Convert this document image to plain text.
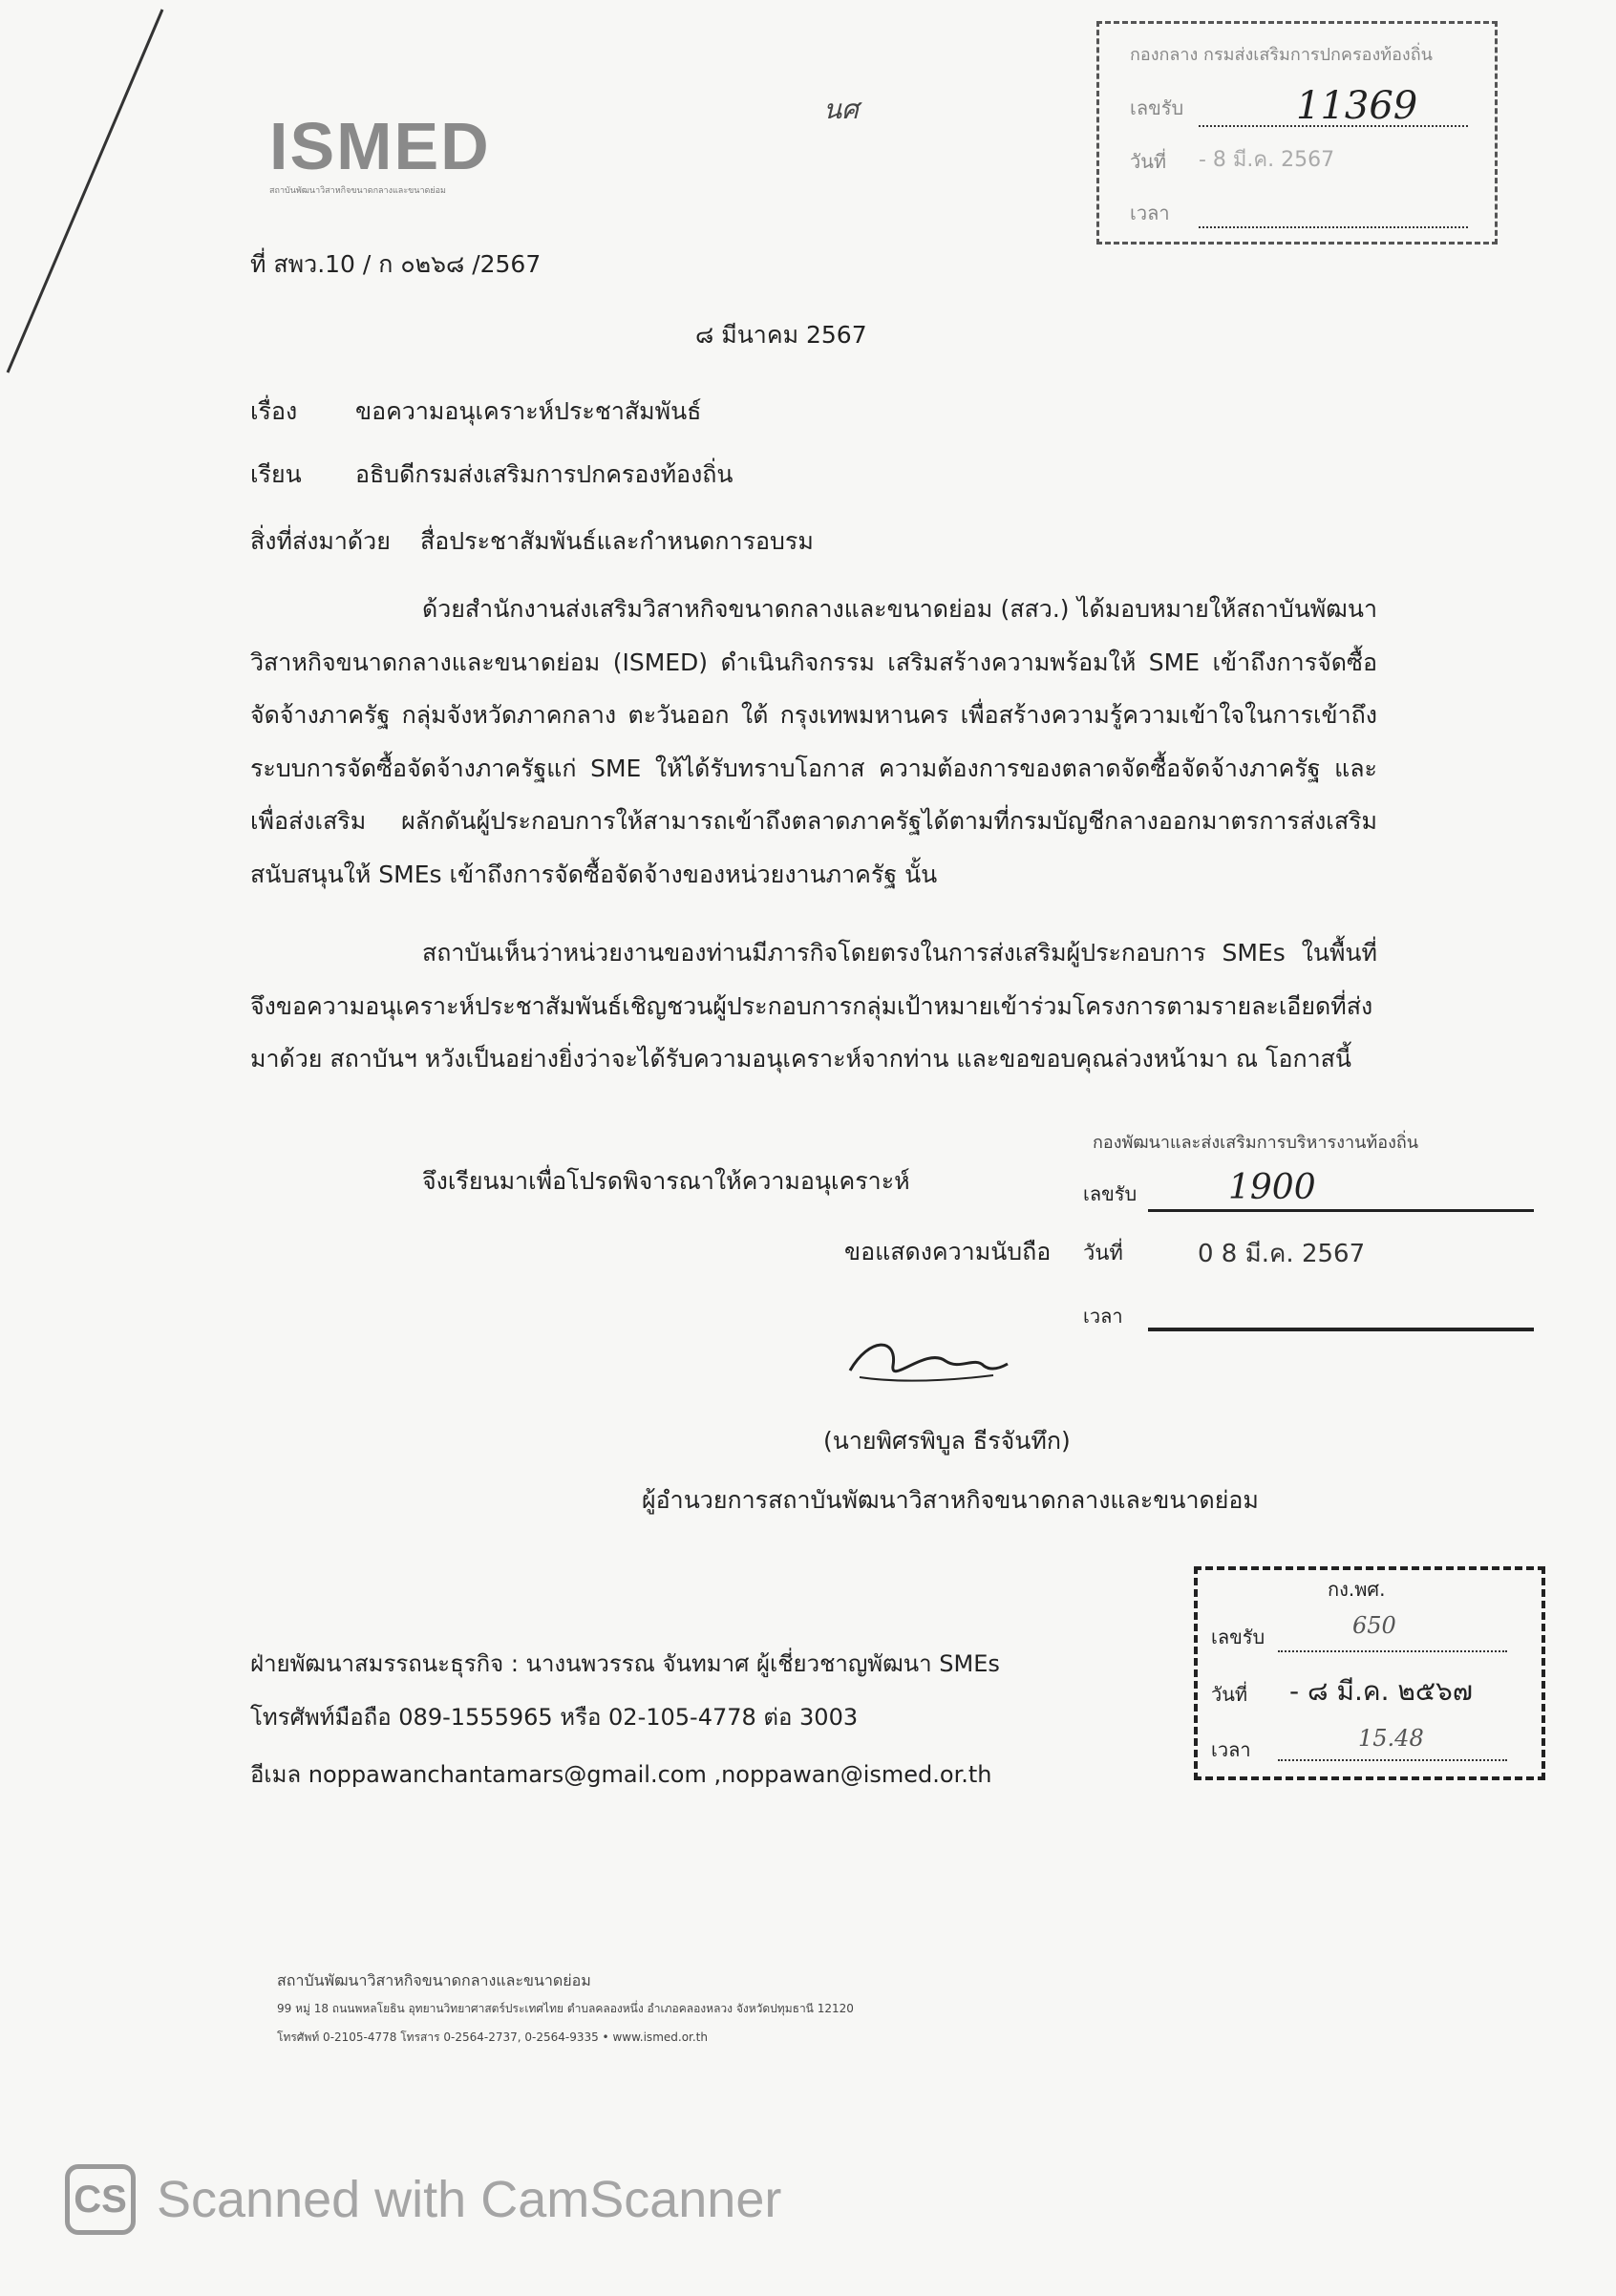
ISMED
สถาบันพัฒนาวิสาหกิจขนาดกลางและขนาดย่อม
นศ
กองกลาง กรมส่งเสริมการปกครองท้องถิ่น
เลขรับ	11369
วันที่ - 8 มี.ค. 2567
เวลา
ที่ สพว.10 / ก ๐๒๖๘ /2567
๘ มีนาคม 2567
เรื่อง ขอความอนุเคราะห์ประชาสัมพันธ์
เรียน อธิบดีกรมส่งเสริมการปกครองท้องถิ่น
สิ่งที่ส่งมาด้วย สื่อประชาสัมพันธ์และกำหนดการอบรม
ด้วยสำนักงานส่งเสริมวิสาหกิจขนาดกลางและขนาดย่อม (สสว.) ได้มอบหมายให้สถาบันพัฒนาวิสาหกิจขนาดกลางและขนาดย่อม (ISMED) ดำเนินกิจกรรม เสริมสร้างความพร้อมให้ SME เข้าถึงการจัดซื้อจัดจ้างภาครัฐ กลุ่มจังหวัดภาคกลาง ตะวันออก ใต้ กรุงเทพมหานคร เพื่อสร้างความรู้ความเข้าใจในการเข้าถึงระบบการจัดซื้อจัดจ้างภาครัฐแก่ SME ให้ได้รับทราบโอกาส ความต้องการของตลาดจัดซื้อจัดจ้างภาครัฐ และเพื่อส่งเสริม ผลักดันผู้ประกอบการให้สามารถเข้าถึงตลาดภาครัฐได้ตามที่กรมบัญชีกลางออกมาตรการส่งเสริมสนับสนุนให้ SMEs เข้าถึงการจัดซื้อจัดจ้างของหน่วยงานภาครัฐ นั้น
สถาบันเห็นว่าหน่วยงานของท่านมีภารกิจโดยตรงในการส่งเสริมผู้ประกอบการ SMEs ในพื้นที่ จึงขอความอนุเคราะห์ประชาสัมพันธ์เชิญชวนผู้ประกอบการกลุ่มเป้าหมายเข้าร่วมโครงการตามรายละเอียดที่ส่งมาด้วย สถาบันฯ หวังเป็นอย่างยิ่งว่าจะได้รับความอนุเคราะห์จากท่าน และขอขอบคุณล่วงหน้ามา ณ โอกาสนี้
จึงเรียนมาเพื่อโปรดพิจารณาให้ความอนุเคราะห์
ขอแสดงความนับถือ
กองพัฒนาและส่งเสริมการบริหารงานท้องถิ่น
เลขรับ	1900
วันที่	0 8 มี.ค. 2567
เวลา
(นายพิศรพิบูล ธีรจันทึก)
ผู้อำนวยการสถาบันพัฒนาวิสาหกิจขนาดกลางและขนาดย่อม
กง.พศ.
เลขรับ	650
วันที่ - ๘ มี.ค. ๒๕๖๗
เวลา	15.48
ฝ่ายพัฒนาสมรรถนะธุรกิจ : นางนพวรรณ จันทมาศ ผู้เชี่ยวชาญพัฒนา SMEs
โทรศัพท์มือถือ 089-1555965 หรือ 02-105-4778 ต่อ 3003
อีเมล noppawanchantamars@gmail.com ,noppawan@ismed.or.th
สถาบันพัฒนาวิสาหกิจขนาดกลางและขนาดย่อม
99 หมู่ 18 ถนนพหลโยธิน อุทยานวิทยาศาสตร์ประเทศไทย ตำบลคลองหนึ่ง อำเภอคลองหลวง จังหวัดปทุมธานี 12120
โทรศัพท์ 0-2105-4778 โทรสาร 0-2564-2737, 0-2564-9335 • www.ismed.or.th
CS Scanned with CamScanner
